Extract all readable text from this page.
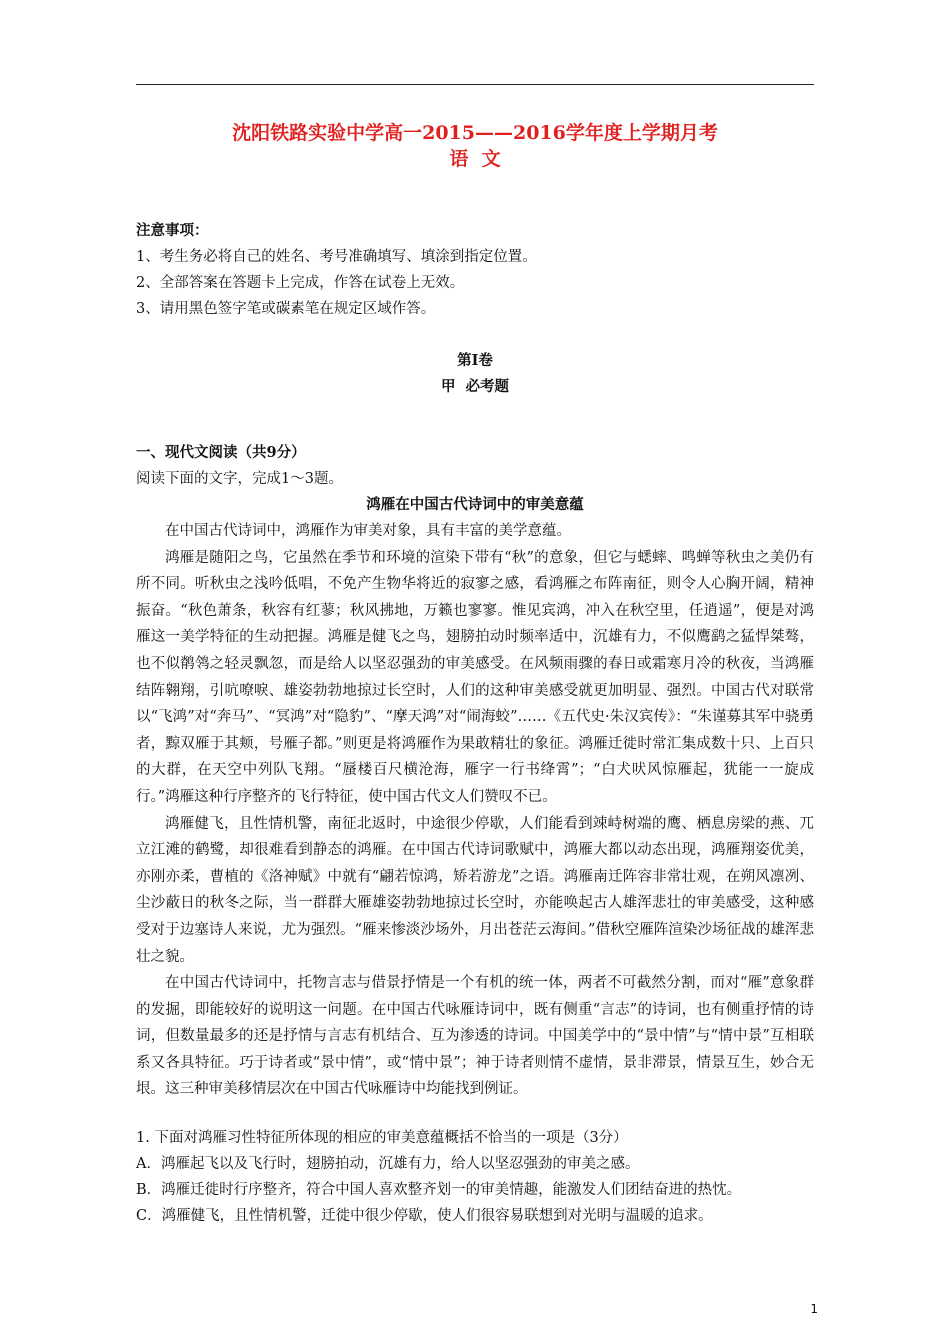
沈阳铁路实验中学高一2015——2016学年度上学期月考

语  文

注意事项：
1、考生务必将自己的姓名、考号准确填写、填涂到指定位置。
2、全部答案在答题卡上完成，作答在试卷上无效。
3、请用黑色签字笔或碳素笔在规定区域作答。
第Ⅰ卷
甲  必考题
一、现代文阅读（共9分）
阅读下面的文字，完成1～3题。
鸿雁在中国古代诗词中的审美意蕴

在中国古代诗词中，鸿雁作为审美对象，具有丰富的美学意蕴。

鸿雁是随阳之鸟，它虽然在季节和环境的渲染下带有“秋”的意象，但它与蟋蟀、鸣蝉等秋虫之美仍有所不同。听秋虫之浅吟低唱，不免产生物华将近的寂寥之感，看鸿雁之布阵南征，则令人心胸开阔，精神振奋。“秋色萧条，秋容有红蓼；秋风拂地，万籁也寥寥。惟见宾鸿，冲入在秋空里，任逍遥”，便是对鸿雁这一美学特征的生动把握。鸿雁是健飞之鸟，翅膀拍动时频率适中，沉雄有力，不似鹰鹞之猛悍桀骜，也不似鹡鸰之轻灵飘忽，而是给人以坚忍强劲的审美感受。在风频雨骤的春日或霜寒月冷的秋夜，当鸿雁结阵翱翔，引吭嘹唳、雄姿勃勃地掠过长空时，人们的这种审美感受就更加明显、强烈。中国古代对联常以“飞鸿”对“奔马”、“冥鸿”对“隐豹”、“摩天鸿”对“闹海蛟”……《五代史·朱汉宾传》：“朱谨募其军中骁勇者，黥双雁于其颊，号雁子都。”则更是将鸿雁作为果敢精壮的象征。鸿雁迁徙时常汇集成数十只、上百只的大群，在天空中列队飞翔。“蜃楼百尺横沧海，雁字一行书绛霄”；“白犬吠风惊雁起，犹能一一旋成行。”鸿雁这种行序整齐的飞行特征，使中国古代文人们赞叹不已。

鸿雁健飞，且性情机警，南征北返时，中途很少停歇，人们能看到竦峙树端的鹰、栖息房梁的燕、兀立江滩的鹤鹭，却很难看到静态的鸿雁。在中国古代诗词歌赋中，鸿雁大都以动态出现，鸿雁翔姿优美，亦刚亦柔，曹植的《洛神赋》中就有“翩若惊鸿，矫若游龙”之语。鸿雁南迁阵容非常壮观，在朔风凛冽、尘沙蔽日的秋冬之际，当一群群大雁雄姿勃勃地掠过长空时，亦能唤起古人雄浑悲壮的审美感受，这种感受对于边塞诗人来说，尤为强烈。“雁来惨淡沙场外，月出苍茫云海间。”借秋空雁阵渲染沙场征战的雄浑悲壮之貌。

在中国古代诗词中，托物言志与借景抒情是一个有机的统一体，两者不可截然分割，而对“雁”意象群的发掘，即能较好的说明这一问题。在中国古代咏雁诗词中，既有侧重“言志”的诗词，也有侧重抒情的诗词，但数量最多的还是抒情与言志有机结合、互为渗透的诗词。中国美学中的“景中情”与“情中景”互相联系又各具特征。巧于诗者或“景中情”，或“情中景”；神于诗者则情不虚情，景非滞景，情景互生，妙合无垠。这三种审美移情层次在中国古代咏雁诗中均能找到例证。

1. 下面对鸿雁习性特征所体现的相应的审美意蕴概括不恰当的一项是（3分）
A．鸿雁起飞以及飞行时，翅膀拍动，沉雄有力，给人以坚忍强劲的审美之感。
B．鸿雁迁徙时行序整齐，符合中国人喜欢整齐划一的审美情趣，能激发人们团结奋进的热忱。
C．鸿雁健飞，且性情机警，迁徙中很少停歇，使人们很容易联想到对光明与温暖的追求。
1
